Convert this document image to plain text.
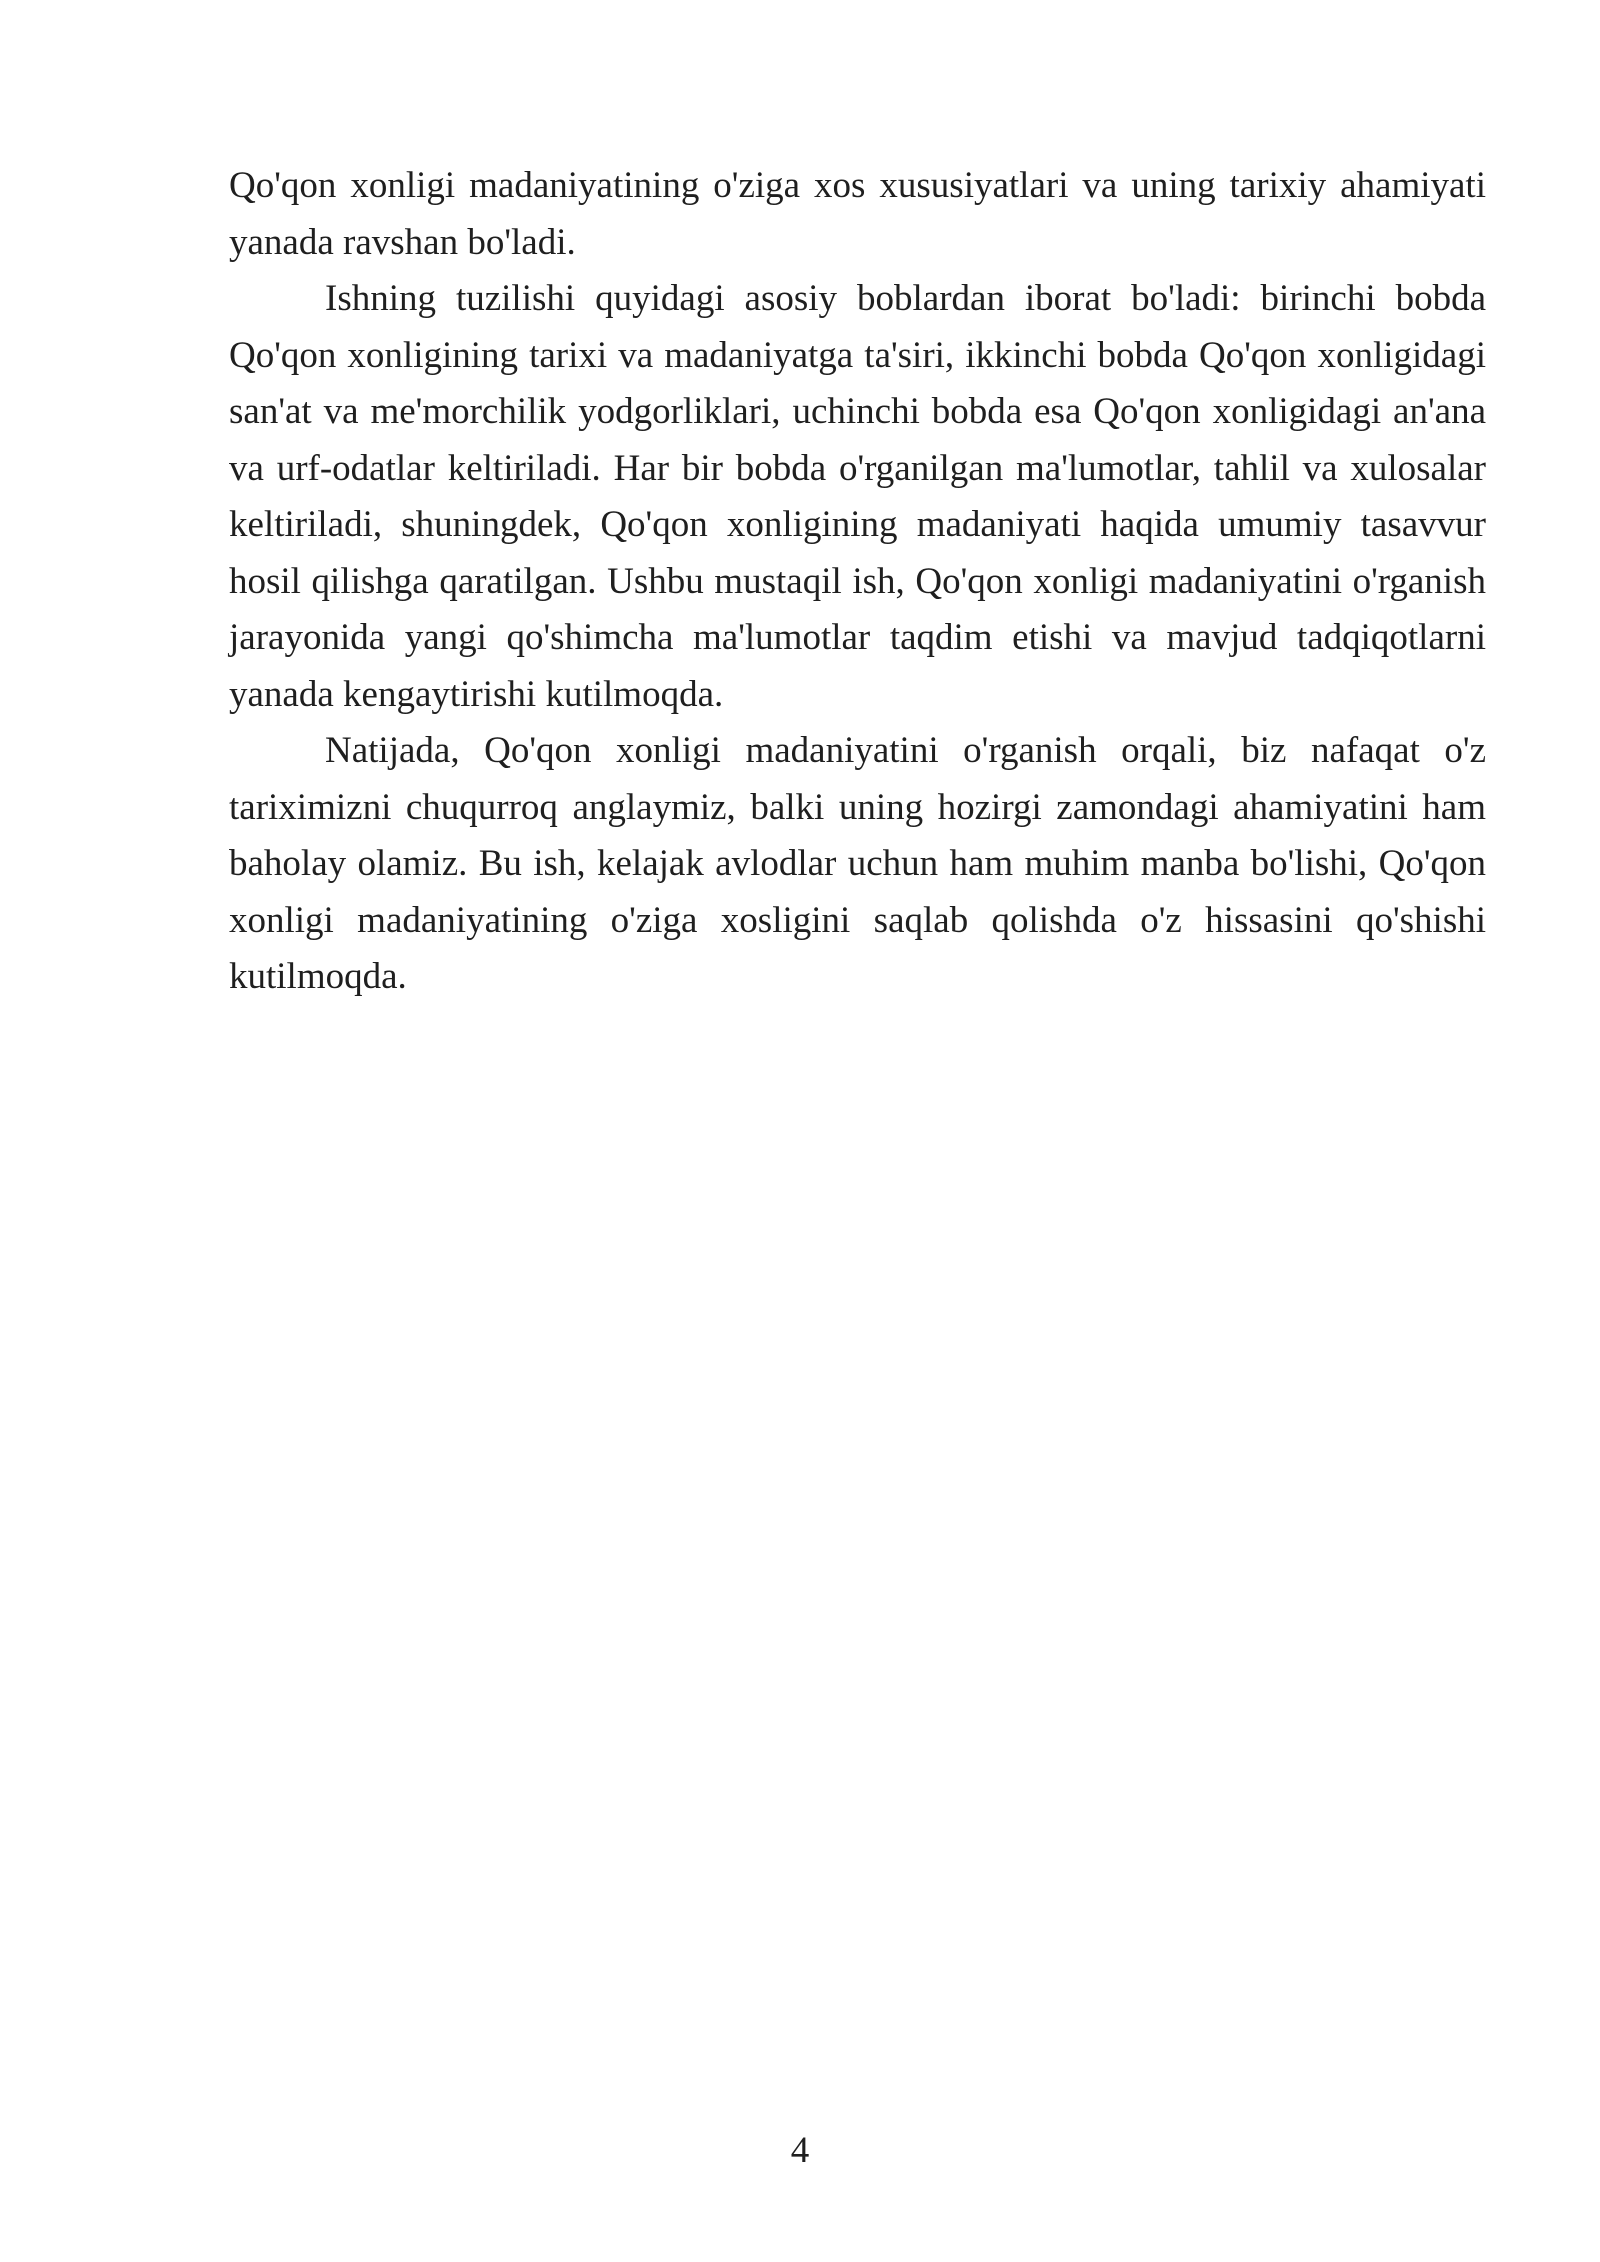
Qo'qon xonligi madaniyatining o'ziga xos xususiyatlari va uning tarixiy ahamiyati yanada ravshan bo'ladi.

Ishning tuzilishi quyidagi asosiy boblardan iborat bo'ladi: birinchi bobda Qo'qon xonligining tarixi va madaniyatga ta'siri, ikkinchi bobda Qo'qon xonligidagi san'at va me'morchilik yodgorliklari, uchinchi bobda esa Qo'qon xonligidagi an'ana va urf-odatlar keltiriladi. Har bir bobda o'rganilgan ma'lumotlar, tahlil va xulosalar keltiriladi, shuningdek, Qo'qon xonligining madaniyati haqida umumiy tasavvur hosil qilishga qaratilgan. Ushbu mustaqil ish, Qo'qon xonligi madaniyatini o'rganish jarayonida yangi qo'shimcha ma'lumotlar taqdim etishi va mavjud tadqiqotlarni yanada kengaytirishi kutilmoqda.

Natijada, Qo'qon xonligi madaniyatini o'rganish orqali, biz nafaqat o'z tariximizni chuqurroq anglaymiz, balki uning hozirgi zamondagi ahamiyatini ham baholay olamiz. Bu ish, kelajak avlodlar uchun ham muhim manba bo'lishi, Qo'qon xonligi madaniyatining o'ziga xosligini saqlab qolishda o'z hissasini qo'shishi kutilmoqda.

4
